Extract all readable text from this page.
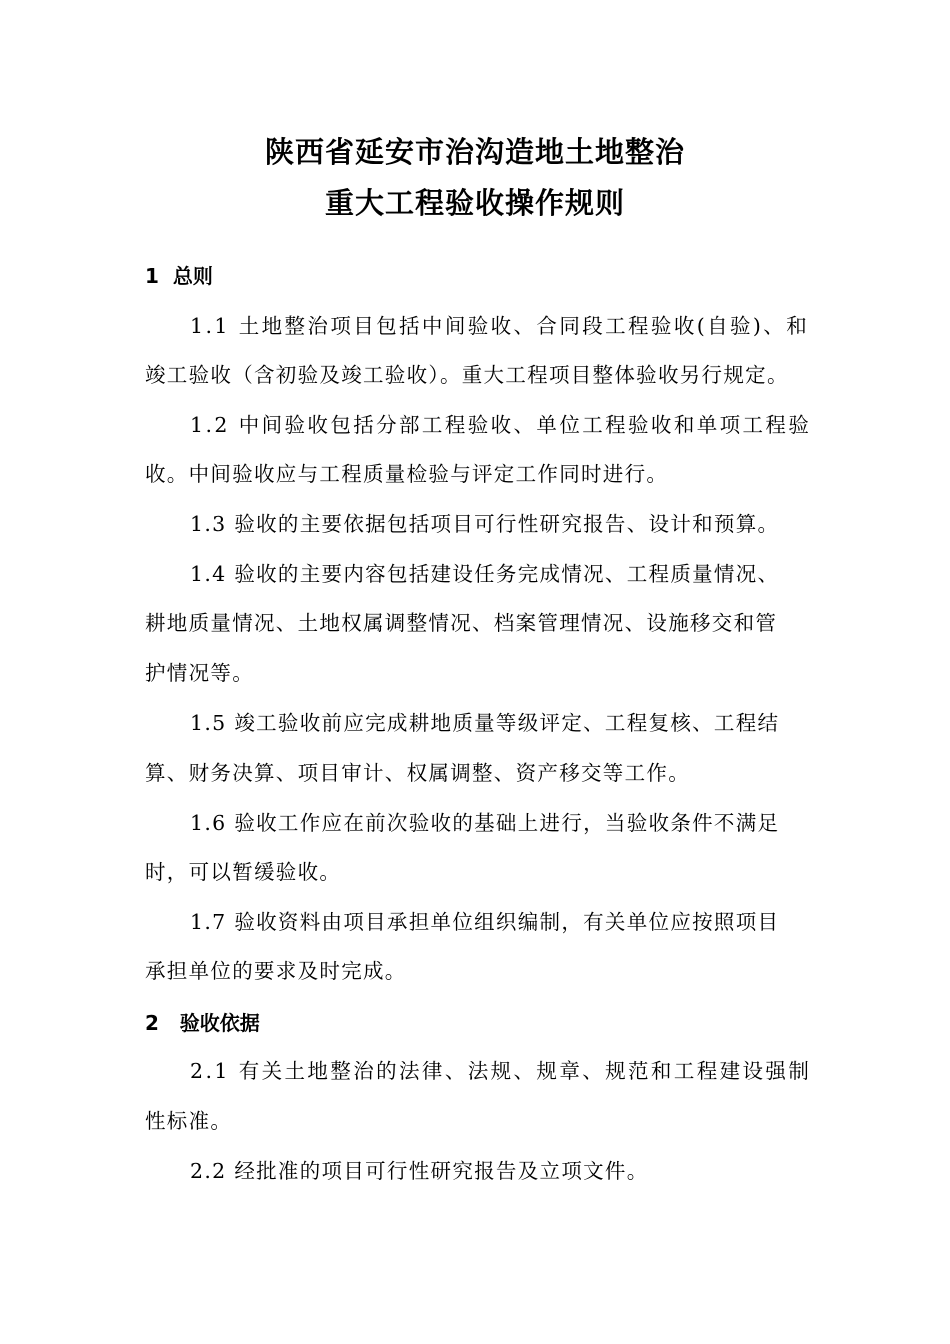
陕西省延安市治沟造地土地整治
重大工程验收操作规则
1  总则
1.1 土地整治项目包括中间验收、合同段工程验收(自验)、和
竣工验收（含初验及竣工验收）。重大工程项目整体验收另行规定。
1.2 中间验收包括分部工程验收、单位工程验收和单项工程验
收。中间验收应与工程质量检验与评定工作同时进行。
1.3 验收的主要依据包括项目可行性研究报告、设计和预算。
1.4 验收的主要内容包括建设任务完成情况、工程质量情况、
耕地质量情况、土地权属调整情况、档案管理情况、设施移交和管
护情况等。
1.5 竣工验收前应完成耕地质量等级评定、工程复核、工程结
算、财务决算、项目审计、权属调整、资产移交等工作。
1.6 验收工作应在前次验收的基础上进行，当验收条件不满足
时，可以暂缓验收。
1.7 验收资料由项目承担单位组织编制，有关单位应按照项目
承担单位的要求及时完成。
2   验收依据
2.1 有关土地整治的法律、法规、规章、规范和工程建设强制
性标准。
2.2 经批准的项目可行性研究报告及立项文件。
